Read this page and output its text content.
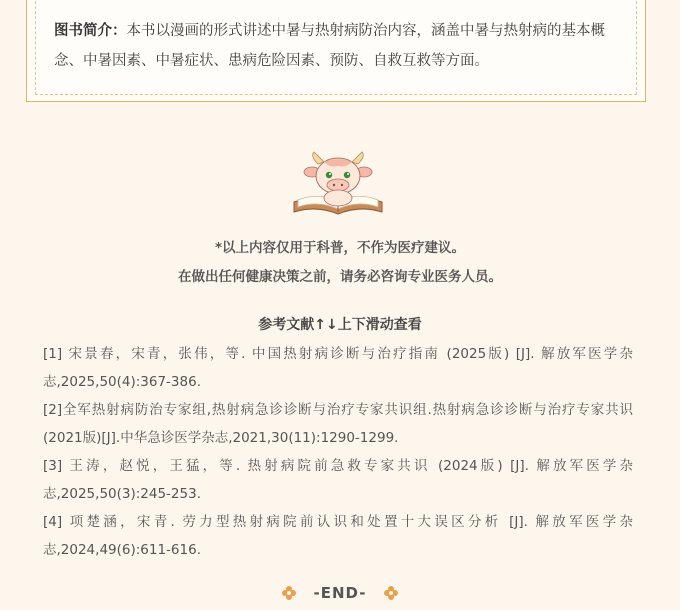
图书简介：本书以漫画的形式讲述中暑与热射病防治内容，涵盖中暑与热射病的基本概念、中暑因素、中暑症状、患病危险因素、预防、自救互救等方面。
*以上内容仅用于科普，不作为医疗建议。
在做出任何健康决策之前，请务必咨询专业医务人员。
参考文献↑↓上下滑动查看
[1] 宋景春，宋青，张伟，等. 中国热射病诊断与治疗指南 (2025版) [J]. 解放军医学杂志,2025,50(4):367-386.
[2]全军热射病防治专家组,热射病急诊诊断与治疗专家共识组.热射病急诊诊断与治疗专家共识(2021版)[J].中华急诊医学杂志,2021,30(11):1290-1299.
[3] 王涛，赵悦，王猛，等. 热射病院前急救专家共识 (2024版) [J]. 解放军医学杂志,2025,50(3):245-253.
[4] 项楚涵，宋青. 劳力型热射病院前认识和处置十大误区分析 [J]. 解放军医学杂志,2024,49(6):611-616.
-END-
